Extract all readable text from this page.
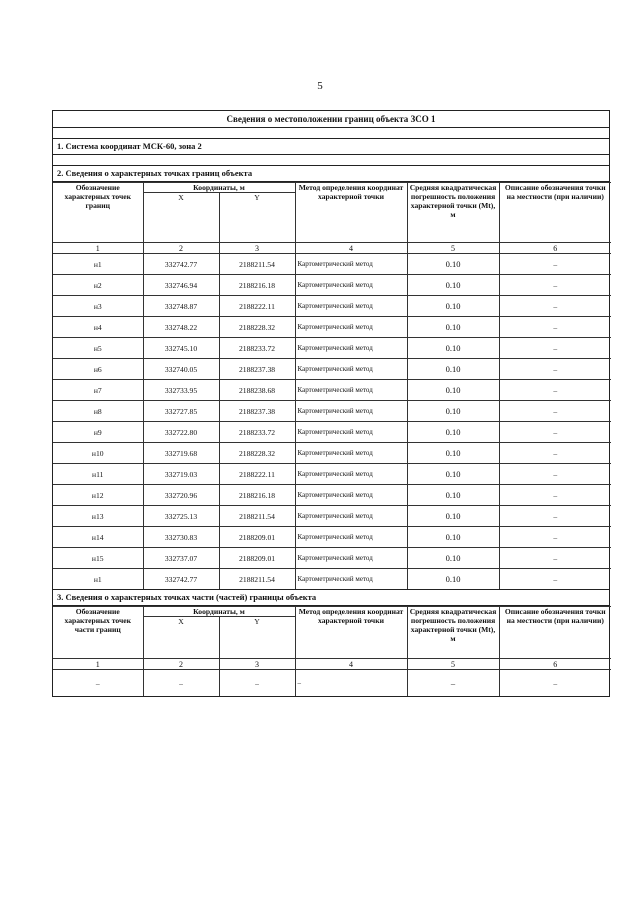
5
Сведения о местоположении границ объекта ЗСО 1
1. Система координат МСК-60, зона 2
2. Сведения о характерных точках границ объекта
Обозначение характерных точек границ	Координаты, м		Метод определения координат характерной точки	Средняя квадратическая погрешность положения характерной точки (Mt), м	Описание обозначения точки на местности (при наличии)
	X	Y			
1	2	3	4	5	6
н1	332742.77	2188211.54	Картометрический метод	0.10	–
н2	332746.94	2188216.18	Картометрический метод	0.10	–
н3	332748.87	2188222.11	Картометрический метод	0.10	–
н4	332748.22	2188228.32	Картометрический метод	0.10	–
н5	332745.10	2188233.72	Картометрический метод	0.10	–
н6	332740.05	2188237.38	Картометрический метод	0.10	–
н7	332733.95	2188238.68	Картометрический метод	0.10	–
н8	332727.85	2188237.38	Картометрический метод	0.10	–
н9	332722.80	2188233.72	Картометрический метод	0.10	–
н10	332719.68	2188228.32	Картометрический метод	0.10	–
н11	332719.03	2188222.11	Картометрический метод	0.10	–
н12	332720.96	2188216.18	Картометрический метод	0.10	–
н13	332725.13	2188211.54	Картометрический метод	0.10	–
н14	332730.83	2188209.01	Картометрический метод	0.10	–
н15	332737.07	2188209.01	Картометрический метод	0.10	–
н1	332742.77	2188211.54	Картометрический метод	0.10	–
3. Сведения о характерных точках части (частей) границы объекта
Обозначение характерных точек части границ	Координаты, м		Метод определения координат характерной точки	Средняя квадратическая погрешность положения характерной точки (Mt), м	Описание обозначения точки на местности (при наличии)
	X	Y			
1	2	3	4	5	6
–	–	–	–	–	–
